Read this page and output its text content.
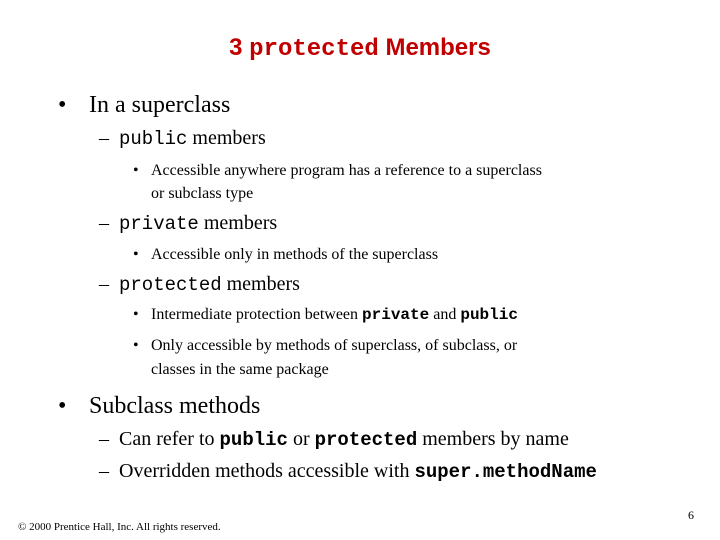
3 protected Members
• In a superclass
– public members
• Accessible anywhere program has a reference to a superclass
or subclass type
– private members
• Accessible only in methods of the superclass
– protected members
• Intermediate protection between private and public
• Only accessible by methods of superclass, of subclass, or
classes in the same package
• Subclass methods
– Can refer to public or protected members by name
– Overridden methods accessible with super.methodName
© 2000 Prentice Hall, Inc. All rights reserved.
6
